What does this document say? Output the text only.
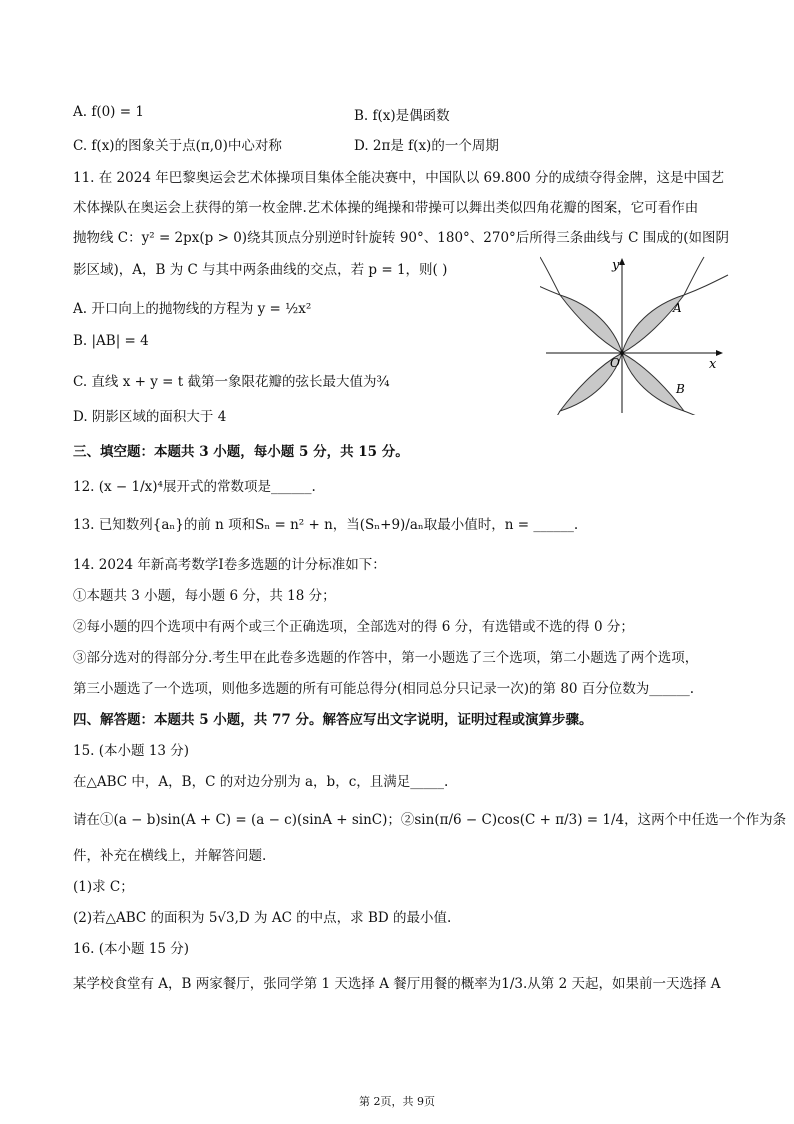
A. f(0) = 1	B. f(x)是偶函数
C. f(x)的图象关于点(π,0)中心对称	D. 2π是 f(x)的一个周期
11. 在 2024 年巴黎奥运会艺术体操项目集体全能决赛中，中国队以 69.800 分的成绩夺得金牌，这是中国艺
术体操队在奥运会上获得的第一枚金牌.艺术体操的绳操和带操可以舞出类似四角花瓣的图案，它可看作由
抛物线 C：y² = 2px(p > 0)绕其顶点分别逆时针旋转 90°、180°、270°后所得三条曲线与 C 围成的(如图阴
影区域)，A，B 为 C 与其中两条曲线的交点，若 p = 1，则( )
A. 开口向上的抛物线的方程为 y = ½x²
B. |AB| = 4
C. 直线 x + y = t 截第一象限花瓣的弦长最大值为¾
D. 阴影区域的面积大于 4
y
x
O
A
B
三、填空题：本题共 3 小题，每小题 5 分，共 15 分。
12. (x − 1/x)⁴展开式的常数项是______.
13. 已知数列{aₙ}的前 n 项和Sₙ = n² + n，当(Sₙ+9)/aₙ取最小值时，n = ______.
14. 2024 年新高考数学Ⅰ卷多选题的计分标准如下：
①本题共 3 小题，每小题 6 分，共 18 分；
②每小题的四个选项中有两个或三个正确选项，全部选对的得 6 分，有选错或不选的得 0 分；
③部分选对的得部分分.考生甲在此卷多选题的作答中，第一小题选了三个选项，第二小题选了两个选项，
第三小题选了一个选项，则他多选题的所有可能总得分(相同总分只记录一次)的第 80 百分位数为______.
四、解答题：本题共 5 小题，共 77 分。解答应写出文字说明，证明过程或演算步骤。
15. (本小题 13 分)
在△ABC 中，A，B，C 的对边分别为 a，b，c，且满足_____.
请在①(a − b)sin(A + C) = (a − c)(sinA + sinC)；②sin(π/6 − C)cos(C + π/3) = 1/4，这两个中任选一个作为条
件，补充在横线上，并解答问题.
(1)求 C；
(2)若△ABC 的面积为 5√3,D 为 AC 的中点，求 BD 的最小值.
16. (本小题 15 分)
某学校食堂有 A，B 两家餐厅，张同学第 1 天选择 A 餐厅用餐的概率为1/3.从第 2 天起，如果前一天选择 A
第 2页，共 9页
